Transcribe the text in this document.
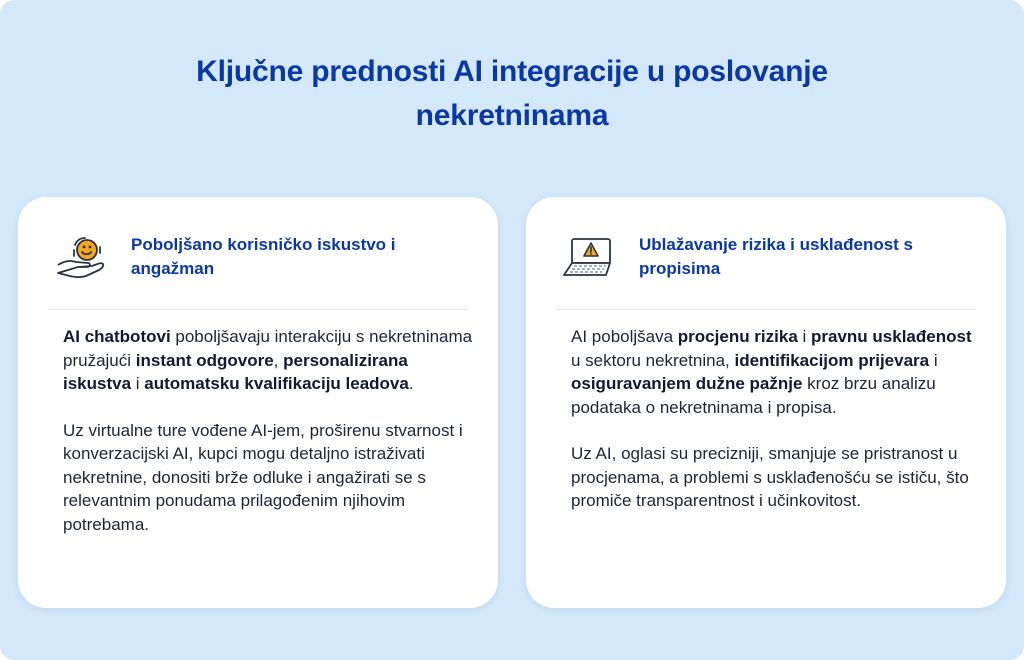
Ključne prednosti AI integracije u poslovanje nekretninama
Poboljšano korisničko iskustvo i angažman

AI chatbotovi poboljšavaju interakciju s nekretninama pružajući instant odgovore, personalizirana iskustva i automatsku kvalifikaciju leadova.

Uz virtualne ture vođene AI-jem, proširenu stvarnost i konverzacijski AI, kupci mogu detaljno istraživati nekretnine, donositi brže odluke i angažirati se s relevantnim ponudama prilagođenim njihovim potrebama.

Ublažavanje rizika i usklađenost s propisima

AI poboljšava procjenu rizika i pravnu usklađenost u sektoru nekretnina, identifikacijom prijevara i osiguravanjem dužne pažnje kroz brzu analizu podataka o nekretninama i propisa.

Uz AI, oglasi su precizniji, smanjuje se pristranost u procjenama, a problemi s usklađenošću se ističu, što promiče transparentnost i učinkovitost.
